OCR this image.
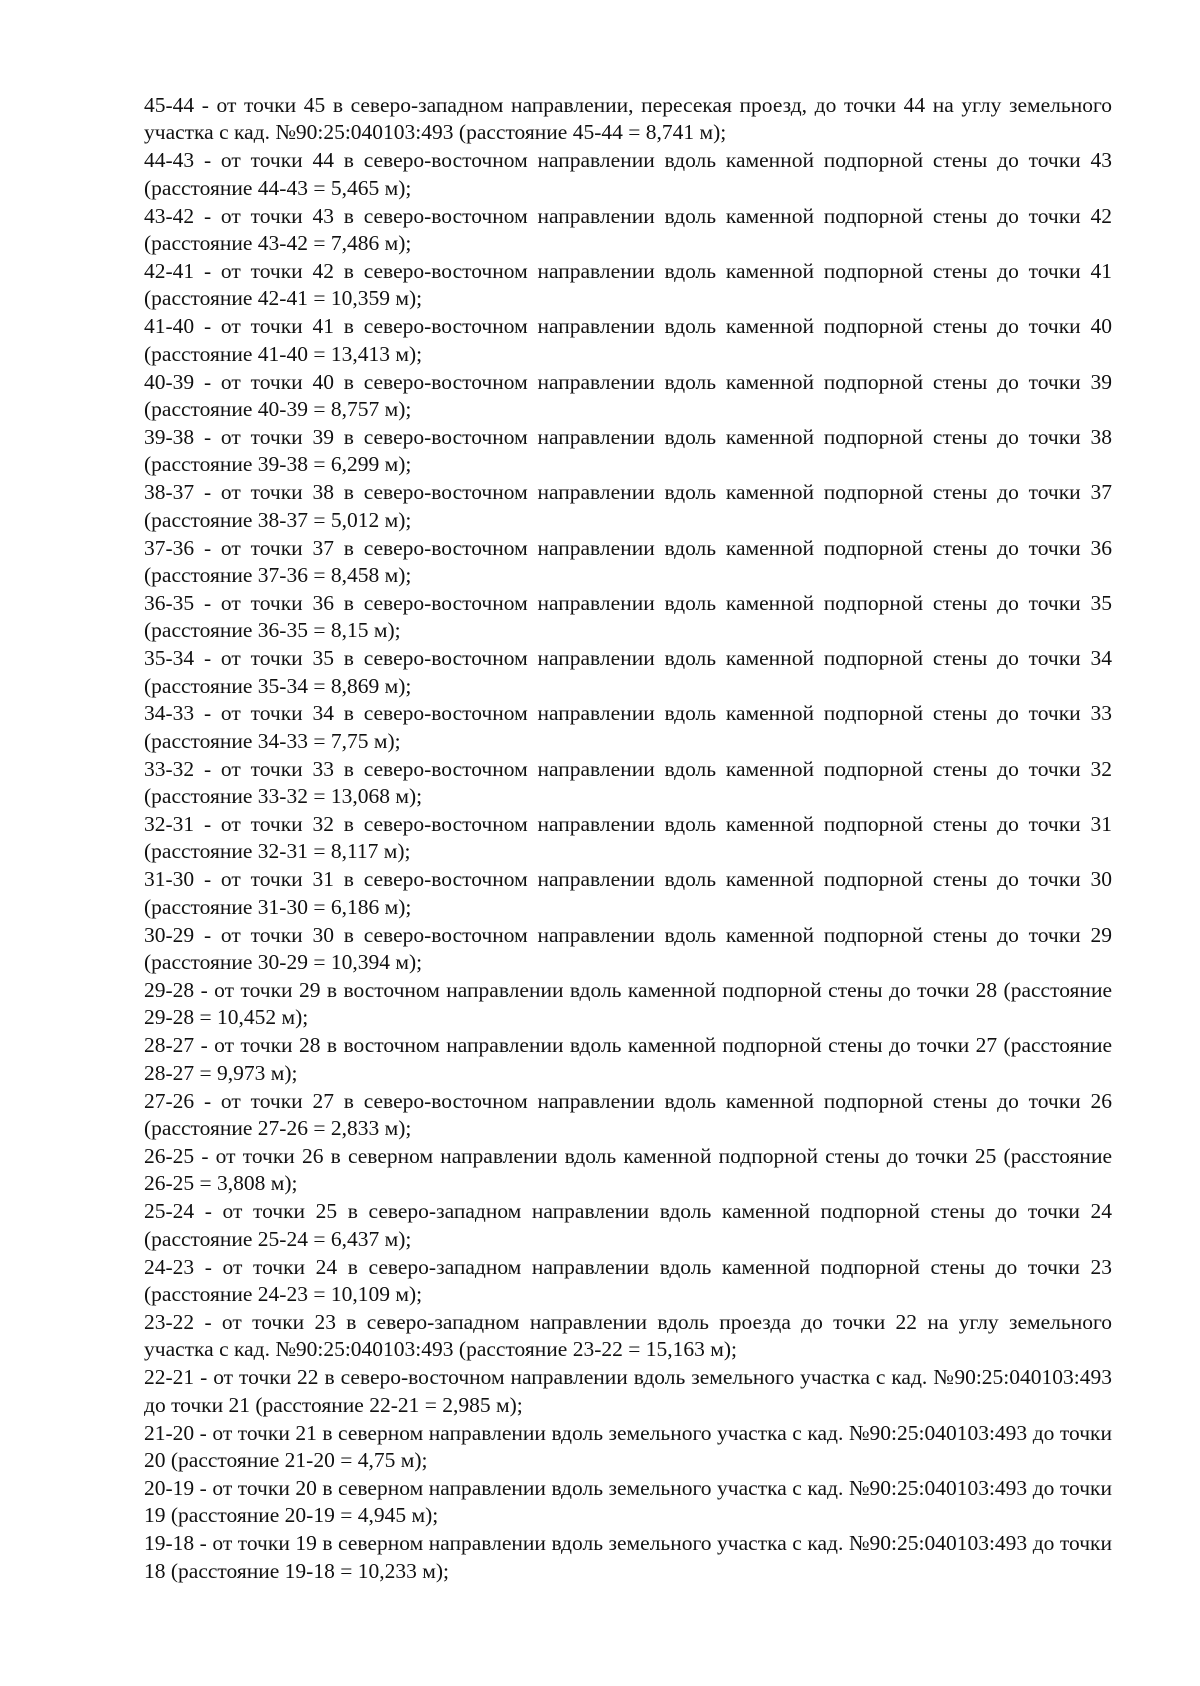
45-44 - от точки 45 в северо-западном направлении, пересекая проезд, до точки 44 на углу земельного участка с кад. №90:25:040103:493 (расстояние 45-44 = 8,741 м);

44-43 - от точки 44 в северо-восточном направлении вдоль каменной подпорной стены до точки 43 (расстояние 44-43 = 5,465 м);

43-42 - от точки 43 в северо-восточном направлении вдоль каменной подпорной стены до точки 42 (расстояние 43-42 = 7,486 м);

42-41 - от точки 42 в северо-восточном направлении вдоль каменной подпорной стены до точки 41 (расстояние 42-41 = 10,359 м);

41-40 - от точки 41 в северо-восточном направлении вдоль каменной подпорной стены до точки 40 (расстояние 41-40 = 13,413 м);

40-39 - от точки 40 в северо-восточном направлении вдоль каменной подпорной стены до точки 39 (расстояние 40-39 = 8,757 м);

39-38 - от точки 39 в северо-восточном направлении вдоль каменной подпорной стены до точки 38 (расстояние 39-38 = 6,299 м);

38-37 - от точки 38 в северо-восточном направлении вдоль каменной подпорной стены до точки 37 (расстояние 38-37 = 5,012 м);

37-36 - от точки 37 в северо-восточном направлении вдоль каменной подпорной стены до точки 36 (расстояние 37-36 = 8,458 м);

36-35 - от точки 36 в северо-восточном направлении вдоль каменной подпорной стены до точки 35 (расстояние 36-35 = 8,15 м);

35-34 - от точки 35 в северо-восточном направлении вдоль каменной подпорной стены до точки 34 (расстояние 35-34 = 8,869 м);

34-33 - от точки 34 в северо-восточном направлении вдоль каменной подпорной стены до точки 33 (расстояние 34-33 = 7,75 м);

33-32 - от точки 33 в северо-восточном направлении вдоль каменной подпорной стены до точки 32 (расстояние 33-32 = 13,068 м);

32-31 - от точки 32 в северо-восточном направлении вдоль каменной подпорной стены до точки 31 (расстояние 32-31 = 8,117 м);

31-30 - от точки 31 в северо-восточном направлении вдоль каменной подпорной стены до точки 30 (расстояние 31-30 = 6,186 м);

30-29 - от точки 30 в северо-восточном направлении вдоль каменной подпорной стены до точки 29 (расстояние 30-29 = 10,394 м);

29-28 - от точки 29 в восточном направлении вдоль каменной подпорной стены до точки 28 (расстояние 29-28 = 10,452 м);

28-27 - от точки 28 в восточном направлении вдоль каменной подпорной стены до точки 27 (расстояние 28-27 = 9,973 м);

27-26 - от точки 27 в северо-восточном направлении вдоль каменной подпорной стены до точки 26 (расстояние 27-26 = 2,833 м);

26-25 - от точки 26 в северном направлении вдоль каменной подпорной стены до точки 25 (расстояние 26-25 = 3,808 м);

25-24 - от точки 25 в северо-западном направлении вдоль каменной подпорной стены до точки 24 (расстояние 25-24 = 6,437 м);

24-23 - от точки 24 в северо-западном направлении вдоль каменной подпорной стены до точки 23 (расстояние 24-23 = 10,109 м);

23-22 - от точки 23 в северо-западном направлении вдоль проезда до точки 22 на углу земельного участка с кад. №90:25:040103:493 (расстояние 23-22 = 15,163 м);

22-21 - от точки 22 в северо-восточном направлении вдоль земельного участка с кад. №90:25:040103:493 до точки 21 (расстояние 22-21 = 2,985 м);

21-20 - от точки 21 в северном направлении вдоль земельного участка с кад. №90:25:040103:493 до точки 20 (расстояние 21-20 = 4,75 м);

20-19 - от точки 20 в северном направлении вдоль земельного участка с кад. №90:25:040103:493 до точки 19 (расстояние 20-19 = 4,945 м);

19-18 - от точки 19 в северном направлении вдоль земельного участка с кад. №90:25:040103:493 до точки 18 (расстояние 19-18 = 10,233 м);
